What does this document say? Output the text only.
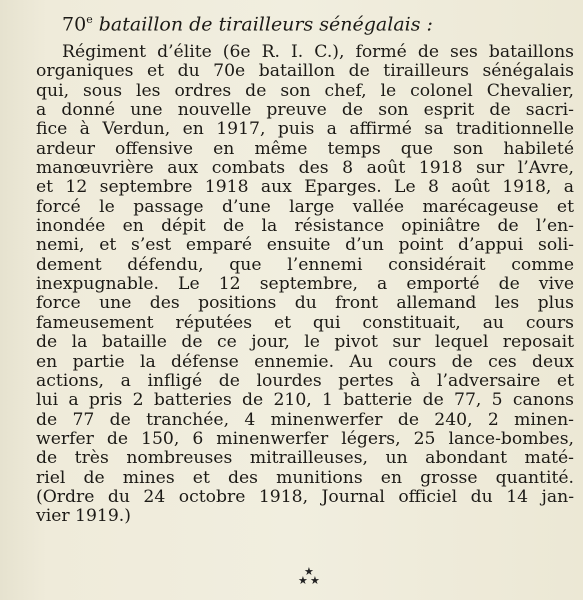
70e bataillon de tirailleurs sénégalais :
Régiment d’élite (6e R. I. C.), formé de ses bataillons
organiques et du 70e bataillon de tirailleurs sénégalais
qui, sous les ordres de son chef, le colonel Chevalier,
a donné une nouvelle preuve de son esprit de sacri-
fice à Verdun, en 1917, puis a affirmé sa traditionnelle
ardeur offensive en même temps que son habileté
manœuvrière aux combats des 8 août 1918 sur l’Avre,
et 12 septembre 1918 aux Eparges. Le 8 août 1918, a
forcé le passage d’une large vallée marécageuse et
inondée en dépit de la résistance opiniâtre de l’en-
nemi, et s’est emparé ensuite d’un point d’appui soli-
dement défendu, que l’ennemi considérait comme
inexpugnable. Le 12 septembre, a emporté de vive
force une des positions du front allemand les plus
fameusement réputées et qui constituait, au cours
de la bataille de ce jour, le pivot sur lequel reposait
en partie la défense ennemie. Au cours de ces deux
actions, a infligé de lourdes pertes à l’adversaire et
lui a pris 2 batteries de 210, 1 batterie de 77, 5 canons
de 77 de tranchée, 4 minenwerfer de 240, 2 minen-
werfer de 150, 6 minenwerfer légers, 25 lance-bombes,
de très nombreuses mitrailleuses, un abondant maté-
riel de mines et des munitions en grosse quantité.
(Ordre du 24 octobre 1918, Journal officiel du 14 jan-
vier 1919.)
★
★ ★
